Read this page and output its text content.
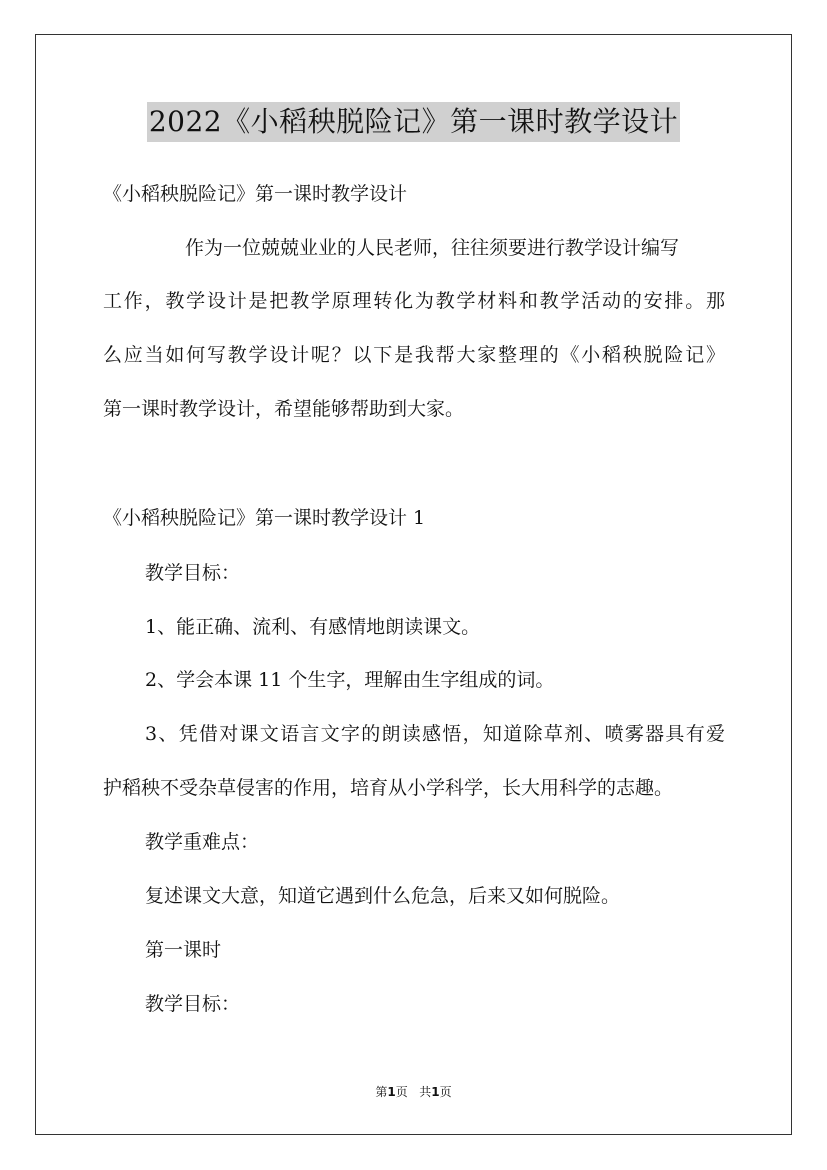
2022《小稻秧脱险记》第一课时教学设计
《小稻秧脱险记》第一课时教学设计
作为一位兢兢业业的人民老师，往往须要进行教学设计编写
工作，教学设计是把教学原理转化为教学材料和教学活动的安排。那
么应当如何写教学设计呢？以下是我帮大家整理的《小稻秧脱险记》
第一课时教学设计，希望能够帮助到大家。
《小稻秧脱险记》第一课时教学设计 1
教学目标：
1、能正确、流利、有感情地朗读课文。
2、学会本课 11 个生字，理解由生字组成的词。
3、凭借对课文语言文字的朗读感悟，知道除草剂、喷雾器具有爱
护稻秧不受杂草侵害的作用，培育从小学科学，长大用科学的志趣。
教学重难点：
复述课文大意，知道它遇到什么危急，后来又如何脱险。
第一课时
教学目标：
第1页   共1页
